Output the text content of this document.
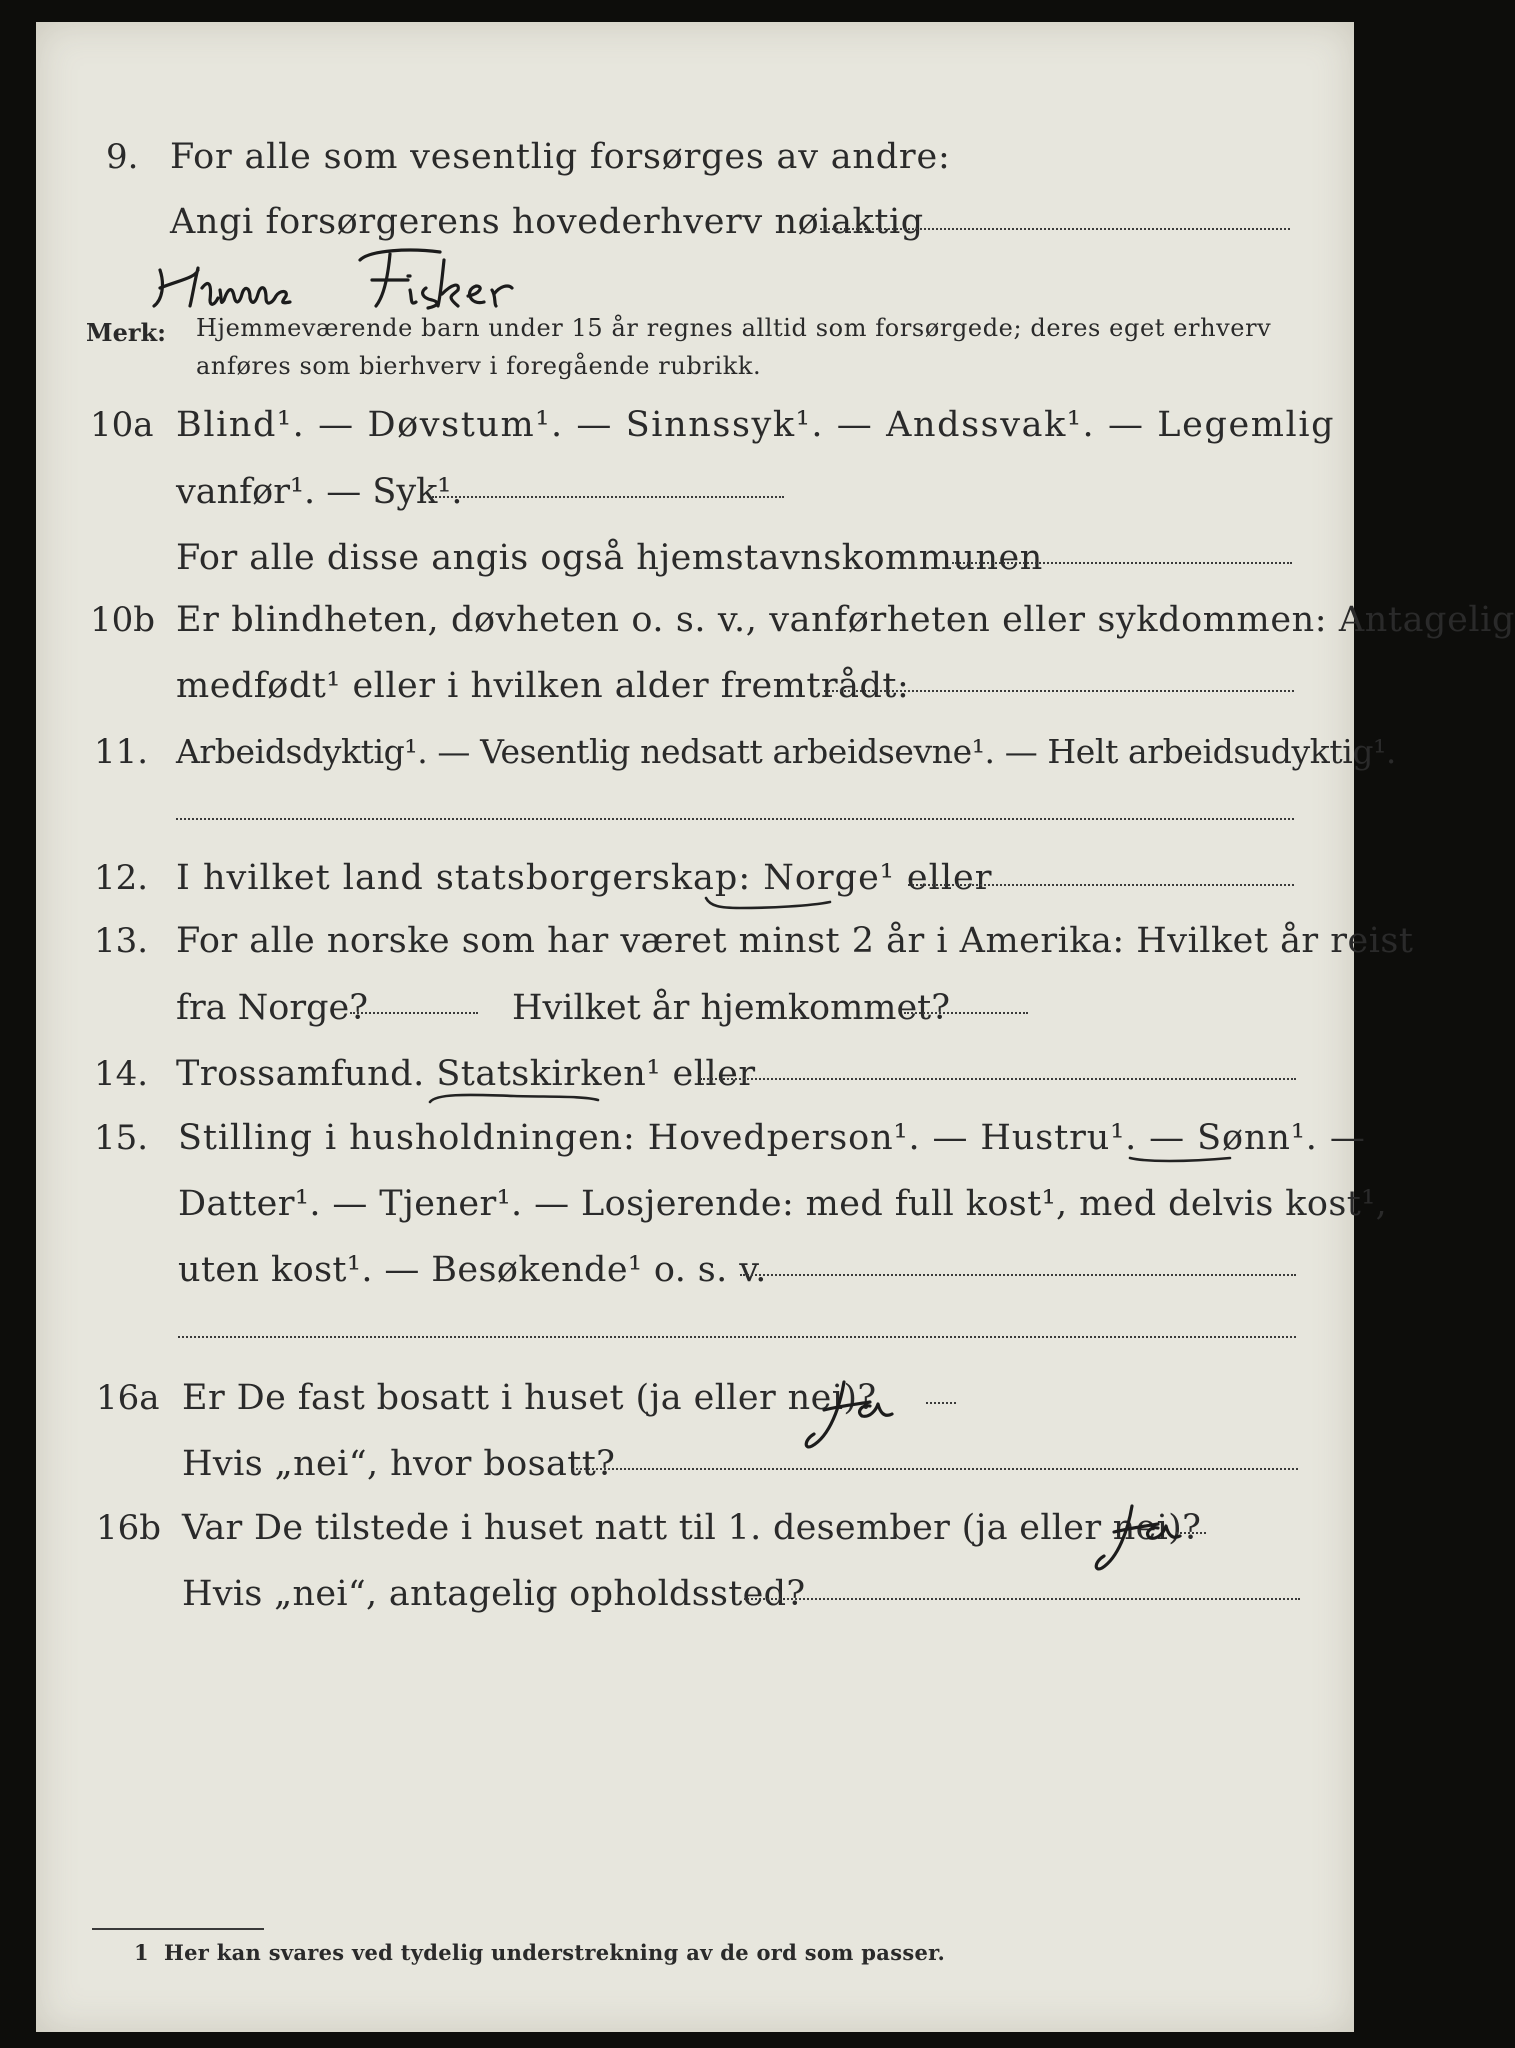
9. For alle som vesentlig forsørges av andre:
Angi forsørgerens hovederhverv nøiaktig
Merk: Hjemmeværende barn under 15 år regnes alltid som forsørgede; deres eget erhverv
anføres som bierhverv i foregående rubrikk.
10a Blind¹. — Døvstum¹. — Sinnssyk¹. — Andssvak¹. — Legemlig
vanfør¹. — Syk¹.
For alle disse angis også hjemstavnskommunen
10b Er blindheten, døvheten o. s. v., vanførheten eller sykdommen: Antagelig
medfødt¹ eller i hvilken alder fremtrådt:
11. Arbeidsdyktig¹. — Vesentlig nedsatt arbeidsevne¹. — Helt arbeidsudyktig¹.
12. I hvilket land statsborgerskap: Norge¹ eller
13. For alle norske som har været minst 2 år i Amerika: Hvilket år reist
fra Norge?	Hvilket år hjemkommet?
14. Trossamfund. Statskirken¹ eller
15. Stilling i husholdningen: Hovedperson¹. — Hustru¹. — Sønn¹. —
Datter¹. — Tjener¹. — Losjerende: med full kost¹, med delvis kost¹,
uten kost¹. — Besøkende¹ o. s. v.
16a Er De fast bosatt i huset (ja eller nei)?
Hvis „nei“, hvor bosatt?
16b Var De tilstede i huset natt til 1. desember (ja eller nei)?
Hvis „nei“, antagelig opholdssted?
1 Her kan svares ved tydelig understrekning av de ord som passer.
